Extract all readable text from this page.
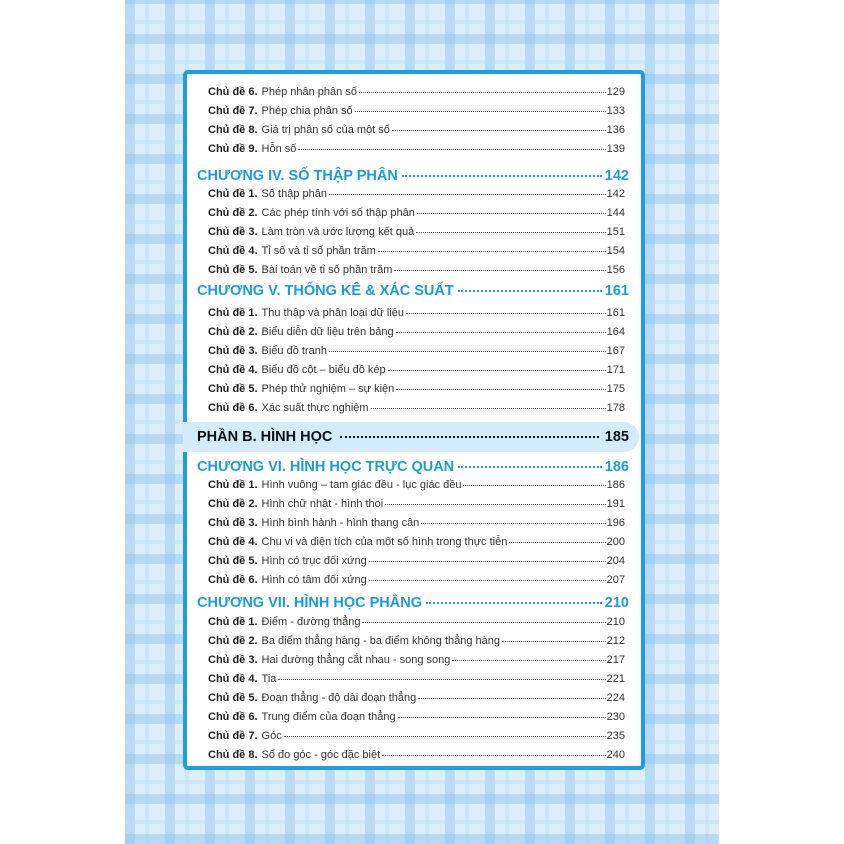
Chủ đề 6. Phép nhân phân số	129
Chủ đề 7. Phép chia phân số	133
Chủ đề 8. Giá trị phân số của một số	136
Chủ đề 9. Hỗn số	139
CHƯƠNG IV. SỐ THẬP PHÂN	142
Chủ đề 1. Số thập phân	142
Chủ đề 2. Các phép tính với số thập phân	144
Chủ đề 3. Làm tròn và ước lượng kết quả	151
Chủ đề 4. Tỉ số và tỉ số phần trăm	154
Chủ đề 5. Bài toán về tỉ số phần trăm	156
CHƯƠNG V. THỐNG KÊ & XÁC SUẤT	161
Chủ đề 1. Thu thập và phân loại dữ liệu	161
Chủ đề 2. Biểu diễn dữ liệu trên bảng	164
Chủ đề 3. Biểu đồ tranh	167
Chủ đề 4. Biểu đồ cột – biểu đồ kép	171
Chủ đề 5. Phép thử nghiệm – sự kiện	175
Chủ đề 6. Xác suất thực nghiệm	178
PHẦN B. HÌNH HỌC	185
CHƯƠNG VI. HÌNH HỌC TRỰC QUAN	186
Chủ đề 1. Hình vuông – tam giác đều - lục giác đều	186
Chủ đề 2. Hình chữ nhật - hình thoi	191
Chủ đề 3. Hình bình hành - hình thang cân	196
Chủ đề 4. Chu vi và diện tích của một số hình trong thực tiễn	200
Chủ đề 5. Hình có trục đối xứng	204
Chủ đề 6. Hình có tâm đối xứng	207
CHƯƠNG VII. HÌNH HỌC PHẲNG	210
Chủ đề 1. Điểm - đường thẳng	210
Chủ đề 2. Ba điểm thẳng hàng - ba điểm không thẳng hàng	212
Chủ đề 3. Hai đường thẳng cắt nhau - song song	217
Chủ đề 4. Tia	221
Chủ đề 5. Đoạn thẳng - độ dài đoạn thẳng	224
Chủ đề 6. Trung điểm của đoạn thẳng	230
Chủ đề 7. Góc	235
Chủ đề 8. Số đo góc - góc đặc biệt	240
